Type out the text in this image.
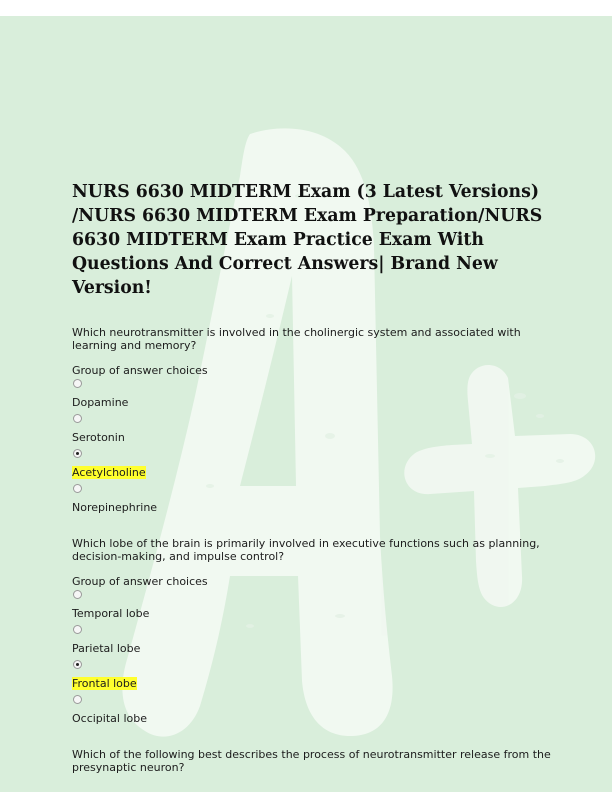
NURS 6630 MIDTERM Exam (3 Latest Versions) /NURS 6630 MIDTERM Exam Preparation/NURS 6630 MIDTERM Exam Practice Exam With Questions And Correct Answers| Brand New Version!

Which neurotransmitter is involved in the cholinergic system and associated with learning and memory?

Group of answer choices

Dopamine
Serotonin
Acetylcholine
Norepinephrine

Which lobe of the brain is primarily involved in executive functions such as planning, decision-making, and impulse control?

Group of answer choices

Temporal lobe
Parietal lobe
Frontal lobe
Occipital lobe

Which of the following best describes the process of neurotransmitter release from the presynaptic neuron?
